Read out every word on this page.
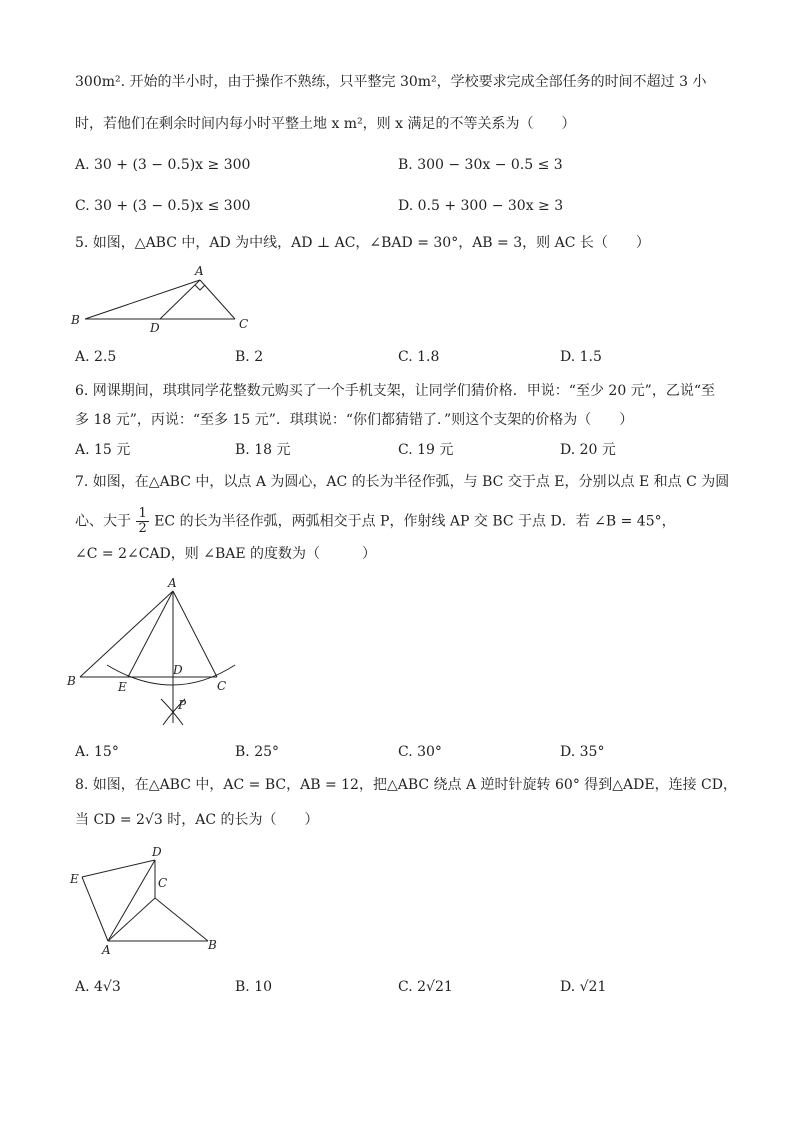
300m². 开始的半小时，由于操作不熟练，只平整完 30m²，学校要求完成全部任务的时间不超过 3 小
时，若他们在剩余时间内每小时平整土地 x m²，则 x 满足的不等关系为（　　）
A. 30 + (3 − 0.5)x ≥ 300	B. 300 − 30x − 0.5 ≤ 3
C. 30 + (3 − 0.5)x ≤ 300	D. 0.5 + 300 − 30x ≥ 3
5. 如图，△ABC 中，AD 为中线，AD ⊥ AC，∠BAD = 30°，AB = 3，则 AC 长（　　）
A
B	C
D
A. 2.5	B. 2	C. 1.8	D. 1.5
6. 网课期间，琪琪同学花整数元购买了一个手机支架，让同学们猜价格．甲说：“至少 20 元”，乙说“至
多 18 元”，丙说：“至多 15 元”．琪琪说：“你们都猜错了．”则这个支架的价格为（　　）
A. 15 元	B. 18 元	C. 19 元	D. 20 元
7. 如图，在△ABC 中，以点 A 为圆心，AC 的长为半径作弧，与 BC 交于点 E，分别以点 E 和点 C 为圆
心、大于 $\frac{1}{2}$ EC 的长为半径作弧，两弧相交于点 P，作射线 AP 交 BC 于点 D．若 ∠B = 45°，
∠C = 2∠CAD，则 ∠BAE 的度数为（　　　）
A
B	C
D
E
P
A. 15°	B. 25°	C. 30°	D. 35°
8. 如图，在△ABC 中，AC = BC，AB = 12，把△ABC 绕点 A 逆时针旋转 60° 得到△ADE，连接 CD，
当 CD = 2√3 时，AC 的长为（　　）
D
E	C
A	B
A. 4√3	B. 10	C. 2√21	D. √21
